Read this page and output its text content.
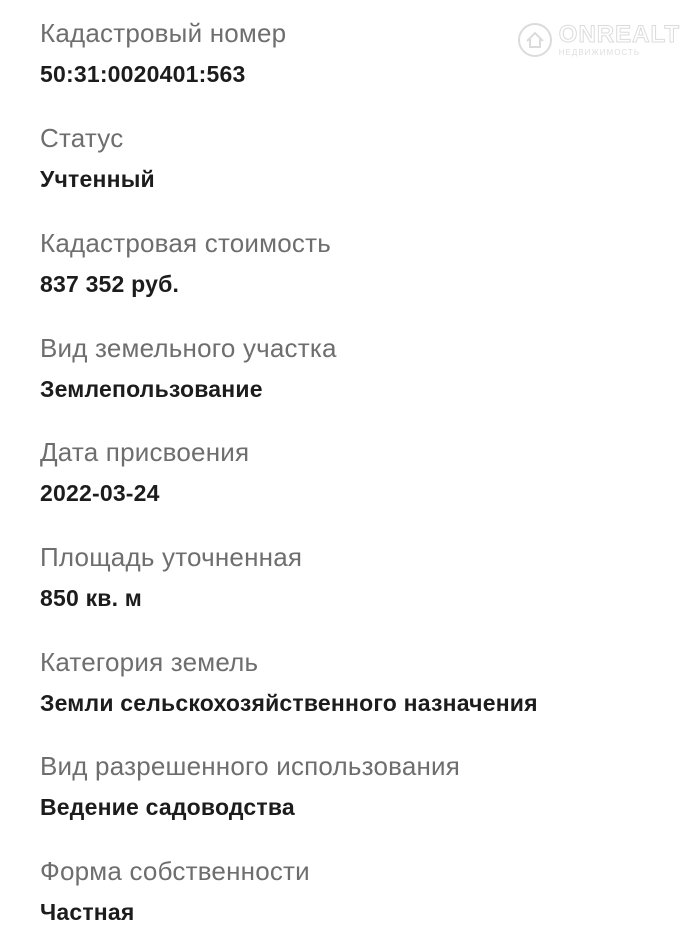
ONREALT
НЕДВИЖИМОСТЬ
Кадастровый номер
50:31:0020401:563
Статус
Учтенный
Кадастровая стоимость
837 352 руб.
Вид земельного участка
Землепользование
Дата присвоения
2022-03-24
Площадь уточненная
850 кв. м
Категория земель
Земли сельскохозяйственного назначения
Вид разрешенного использования
Ведение садоводства
Форма собственности
Частная
